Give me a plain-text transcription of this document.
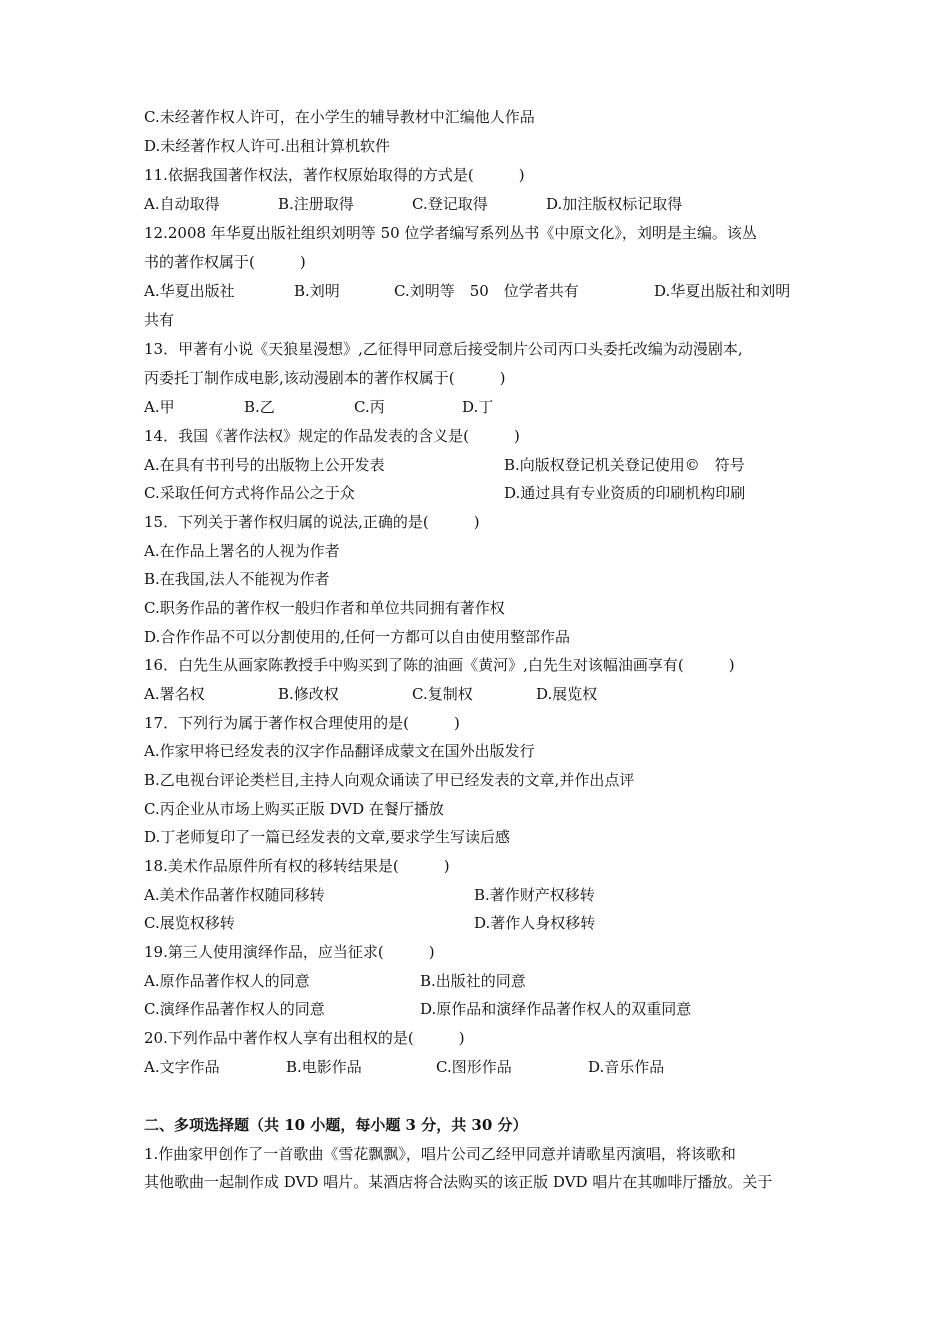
C.未经著作权人许可，在小学生的辅导教材中汇编他人作品
D.未经著作权人许可.出租计算机软件
11.依据我国著作权法，著作权原始取得的方式是(　　　)
A.自动取得	B.注册取得	C.登记取得	D.加注版权标记取得
12.2008 年华夏出版社组织刘明等 50 位学者编写系列丛书《中原文化》，刘明是主编。该丛
书的著作权属于(　　　)
A.华夏出版社	B.刘明	C.刘明等　50　位学者共有	D.华夏出版社和刘明
共有
13．甲著有小说《天狼星漫想》,乙征得甲同意后接受制片公司丙口头委托改编为动漫剧本,
丙委托丁制作成电影,该动漫剧本的著作权属于(　　　)
A.甲	B.乙	C.丙	D.丁
14．我国《著作法权》规定的作品发表的含义是(　　　)
A.在具有书刊号的出版物上公开发表	B.向版权登记机关登记使用©　符号
C.采取任何方式将作品公之于众	D.通过具有专业资质的印刷机构印刷
15．下列关于著作权归属的说法,正确的是(　　　)
A.在作品上署名的人视为作者
B.在我国,法人不能视为作者
C.职务作品的著作权一般归作者和单位共同拥有著作权
D.合作作品不可以分割使用的,任何一方都可以自由使用整部作品
16．白先生从画家陈教授手中购买到了陈的油画《黄河》,白先生对该幅油画享有(　　　)
A.署名权	B.修改权	C.复制权	D.展览权
17．下列行为属于著作权合理使用的是(　　　)
A.作家甲将已经发表的汉字作品翻译成蒙文在国外出版发行
B.乙电视台评论类栏目,主持人向观众诵读了甲已经发表的文章,并作出点评
C.丙企业从市场上购买正版 DVD 在餐厅播放
D.丁老师复印了一篇已经发表的文章,要求学生写读后感
18.美术作品原件所有权的移转结果是(　　　)
A.美术作品著作权随同移转	B.著作财产权移转
C.展览权移转	D.著作人身权移转
19.第三人使用演绎作品，应当征求(　　　)
A.原作品著作权人的同意	B.出版社的同意
C.演绎作品著作权人的同意	D.原作品和演绎作品著作权人的双重同意
20.下列作品中著作权人享有出租权的是(　　　)
A.文字作品	B.电影作品	C.图形作品	D.音乐作品
二、多项选择题（共 10 小题，每小题 3 分，共 30 分）
1.作曲家甲创作了一首歌曲《雪花飘飘》，唱片公司乙经甲同意并请歌星丙演唱，将该歌和
其他歌曲一起制作成 DVD 唱片。某酒店将合法购买的该正版 DVD 唱片在其咖啡厅播放。关于
